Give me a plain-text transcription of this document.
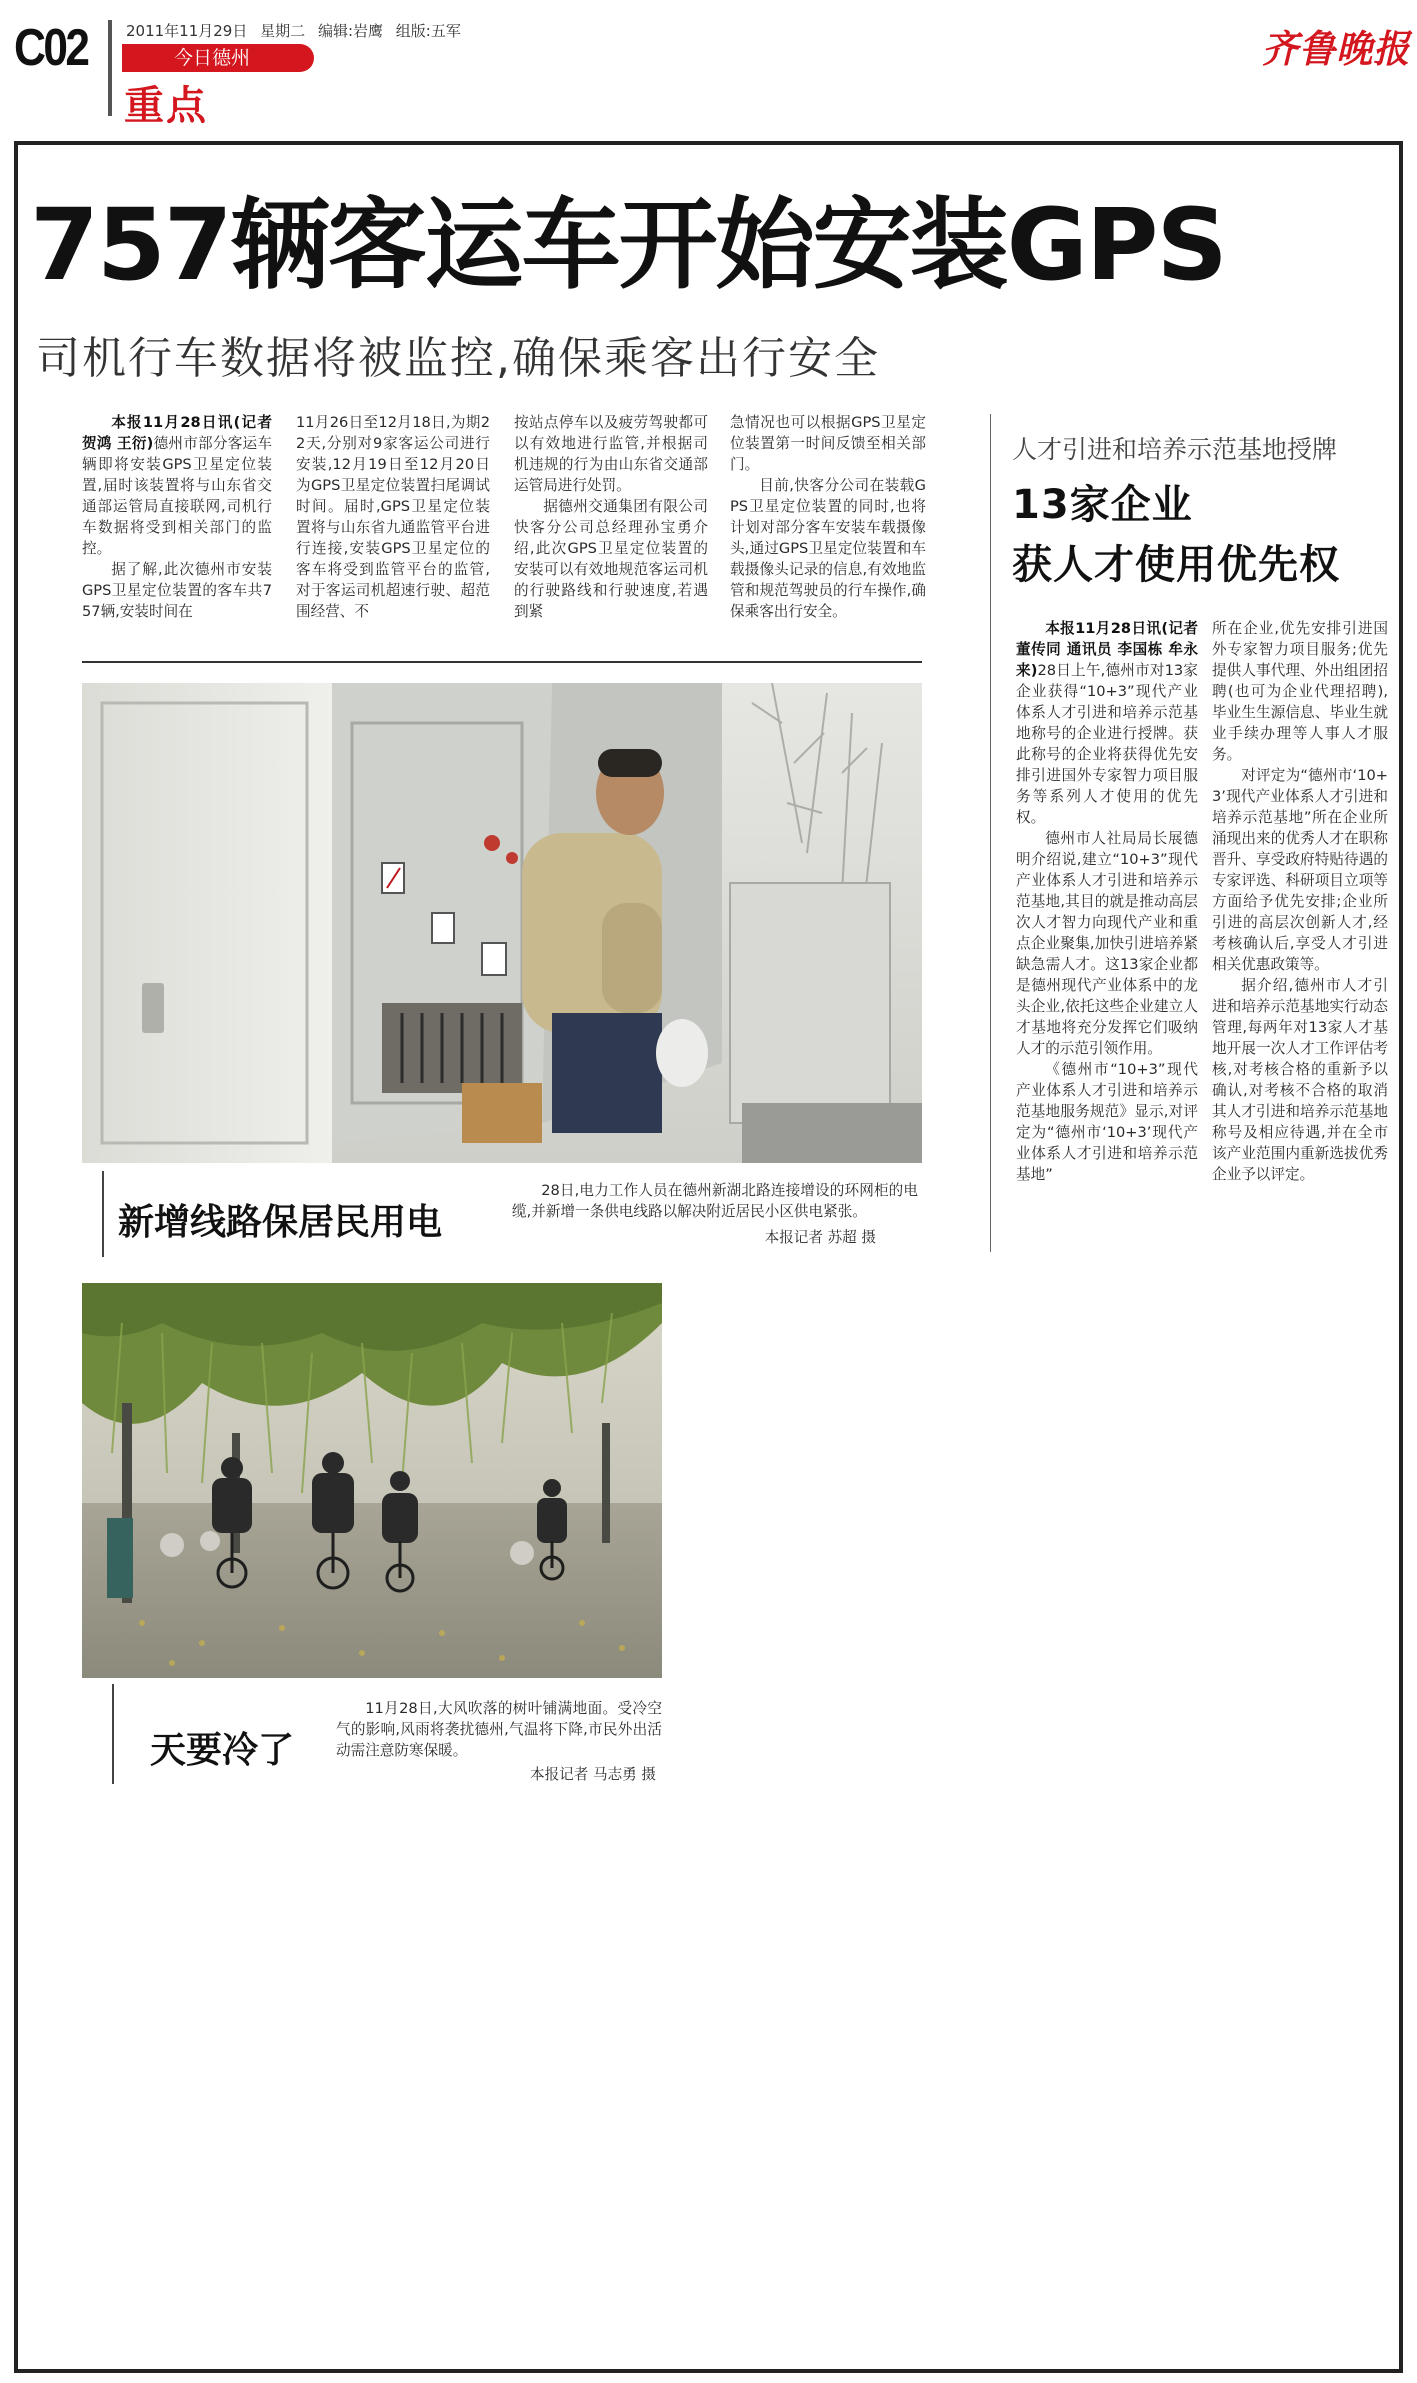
C02	2011年11月29日 星期二 编辑:岩鹰 组版:五军
今日德州
重点
齐鲁晚报
757辆客运车开始安装GPS
司机行车数据将被监控,确保乘客出行安全

本报11月28日讯(记者 贺鸿 王衍)德州市部分客运车辆即将安装GPS卫星定位装置,届时该装置将与山东省交通部运管局直接联网,司机行车数据将受到相关部门的监控。

据了解,此次德州市安装GPS卫星定位装置的客车共757辆,安装时间在

11月26日至12月18日,为期22天,分别对9家客运公司进行安装,12月19日至12月20日为GPS卫星定位装置扫尾调试时间。届时,GPS卫星定位装置将与山东省九通监管平台进行连接,安装GPS卫星定位的客车将受到监管平台的监管,对于客运司机超速行驶、超范围经营、不

按站点停车以及疲劳驾驶都可以有效地进行监管,并根据司机违规的行为由山东省交通部运管局进行处罚。

据德州交通集团有限公司快客分公司总经理孙宝勇介绍,此次GPS卫星定位装置的安装可以有效地规范客运司机的行驶路线和行驶速度,若遇到紧

急情况也可以根据GPS卫星定位装置第一时间反馈至相关部门。

目前,快客分公司在装载GPS卫星定位装置的同时,也将计划对部分客车安装车载摄像头,通过GPS卫星定位装置和车载摄像头记录的信息,有效地监管和规范驾驶员的行车操作,确保乘客出行安全。

新增线路保居民用电

28日,电力工作人员在德州新湖北路连接增设的环网柜的电缆,并新增一条供电线路以解决附近居民小区供电紧张。

本报记者 苏超 摄
天要冷了

11月28日,大风吹落的树叶铺满地面。受冷空气的影响,风雨将袭扰德州,气温将下降,市民外出活动需注意防寒保暖。

本报记者 马志勇 摄
人才引进和培养示范基地授牌
13家企业
获人才使用优先权

本报11月28日讯(记者 董传同 通讯员 李国栋 牟永来)28日上午,德州市对13家企业获得“10+3”现代产业体系人才引进和培养示范基地称号的企业进行授牌。获此称号的企业将获得优先安排引进国外专家智力项目服务等系列人才使用的优先权。

德州市人社局局长展德明介绍说,建立“10+3”现代产业体系人才引进和培养示范基地,其目的就是推动高层次人才智力向现代产业和重点企业聚集,加快引进培养紧缺急需人才。这13家企业都是德州现代产业体系中的龙头企业,依托这些企业建立人才基地将充分发挥它们吸纳人才的示范引领作用。

《德州市“10+3”现代产业体系人才引进和培养示范基地服务规范》显示,对评定为“德州市‘10+3’现代产业体系人才引进和培养示范基地”

所在企业,优先安排引进国外专家智力项目服务;优先提供人事代理、外出组团招聘(也可为企业代理招聘),毕业生生源信息、毕业生就业手续办理等人事人才服务。

对评定为“德州市‘10+3’现代产业体系人才引进和培养示范基地”所在企业所涌现出来的优秀人才在职称晋升、享受政府特贴待遇的专家评选、科研项目立项等方面给予优先安排;企业所引进的高层次创新人才,经考核确认后,享受人才引进相关优惠政策等。

据介绍,德州市人才引进和培养示范基地实行动态管理,每两年对13家人才基地开展一次人才工作评估考核,对考核合格的重新予以确认,对考核不合格的取消其人才引进和培养示范基地称号及相应待遇,并在全市该产业范围内重新选拔优秀企业予以评定。
